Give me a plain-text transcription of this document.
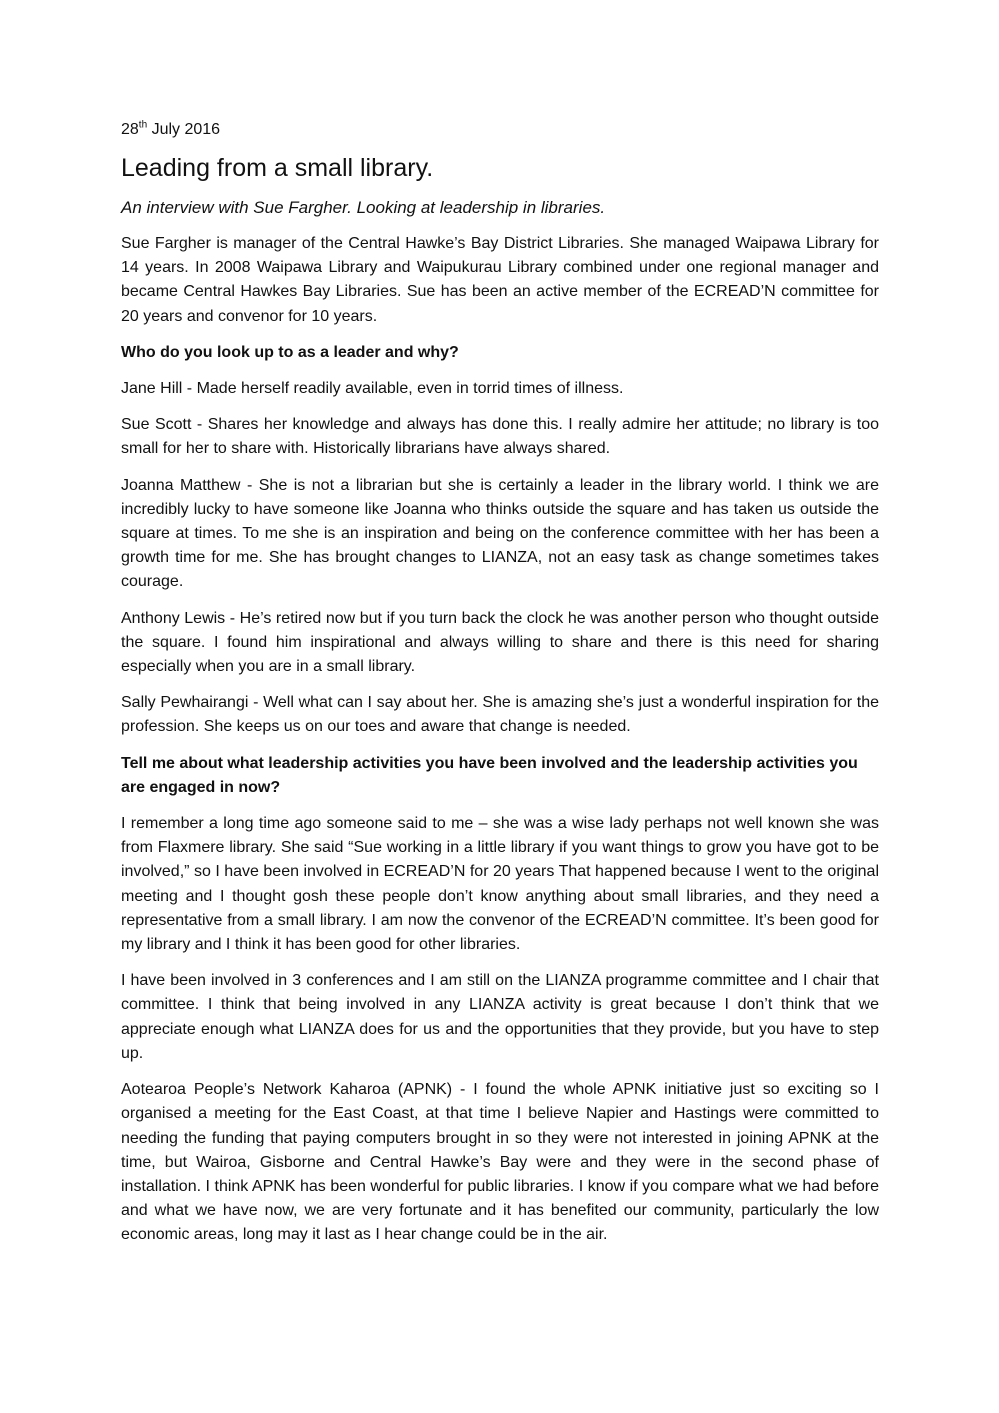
28th July 2016
Leading from a small library.
An interview with Sue Fargher. Looking at leadership in libraries.

Sue Fargher is manager of the Central Hawke’s Bay District Libraries. She managed Waipawa Library for 14 years. In 2008 Waipawa Library and Waipukurau Library combined under one regional manager and became Central Hawkes Bay Libraries. Sue has been an active member of the ECREAD’N committee for 20 years and convenor for 10 years.

Who do you look up to as a leader and why?

Jane Hill - Made herself readily available, even in torrid times of illness.

Sue Scott - Shares her knowledge and always has done this. I really admire her attitude; no library is too small for her to share with. Historically librarians have always shared.

Joanna Matthew - She is not a librarian but she is certainly a leader in the library world. I think we are incredibly lucky to have someone like Joanna who thinks outside the square and has taken us outside the square at times. To me she is an inspiration and being on the conference committee with her has been a growth time for me. She has brought changes to LIANZA, not an easy task as change sometimes takes courage.

Anthony Lewis - He’s retired now but if you turn back the clock he was another person who thought outside the square. I found him inspirational and always willing to share and there is this need for sharing especially when you are in a small library.

Sally Pewhairangi - Well what can I say about her. She is amazing she’s just a wonderful inspiration for the profession. She keeps us on our toes and aware that change is needed.

Tell me about what leadership activities you have been involved and the leadership activities you are engaged in now?

I remember a long time ago someone said to me – she was a wise lady perhaps not well known she was from Flaxmere library. She said “Sue working in a little library if you want things to grow you have got to be involved,” so I have been involved in ECREAD’N for 20 years That happened because I went to the original meeting and I thought gosh these people don’t know anything about small libraries, and they need a representative from a small library. I am now the convenor of the ECREAD’N committee. It’s been good for my library and I think it has been good for other libraries.

I have been involved in 3 conferences and I am still on the LIANZA programme committee and I chair that committee. I think that being involved in any LIANZA activity is great because I don’t think that we appreciate enough what LIANZA does for us and the opportunities that they provide, but you have to step up.

Aotearoa People’s Network Kaharoa (APNK) - I found the whole APNK initiative just so exciting so I organised a meeting for the East Coast, at that time I believe Napier and Hastings were committed to needing the funding that paying computers brought in so they were not interested in joining APNK at the time, but Wairoa, Gisborne and Central Hawke’s Bay were and they were in the second phase of installation. I think APNK has been wonderful for public libraries. I know if you compare what we had before and what we have now, we are very fortunate and it has benefited our community, particularly the low economic areas, long may it last as I hear change could be in the air.
